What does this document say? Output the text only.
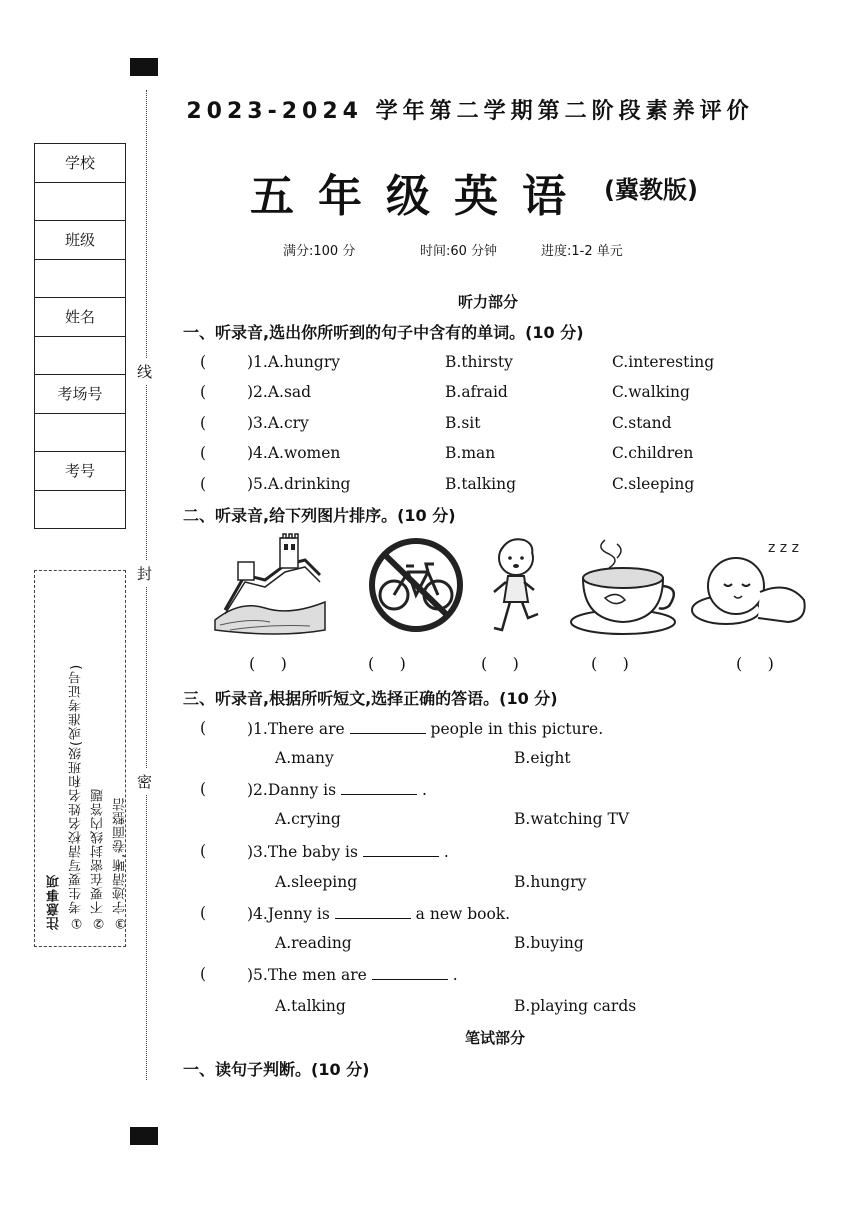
线
封
密
学校

班级

姓名

考场号

考号

注意事项 ①考生要写清校名姓名和班级(或准考证号) ②不要在密封线内答题 ③字迹清晰,卷面整洁
2023-2024 学年第二学期第二阶段素养评价
五年级英语 (冀教版)
满分:100 分	时间:60 分钟	进度:1-2 单元
听力部分
一、听录音,选出你所听到的句子中含有的单词。(10 分)
(	)1.A.hungry	B.thirsty	C.interesting
(	)2.A.sad	B.afraid	C.walking
(	)3.A.cry	B.sit	C.stand
(	)4.A.women	B.man	C.children
(	)5.A.drinking	B.talking	C.sleeping
二、听录音,给下列图片排序。(10 分)
z z z
(     )	(     )	(     )	(     )	(     )
三、听录音,根据所听短文,选择正确的答语。(10 分)
(	)1.There are	people in this picture.
A.many	B.eight
(	)2.Danny is	.
A.crying	B.watching TV
(	)3.The baby is	.
A.sleeping	B.hungry
(	)4.Jenny is	a new book.
A.reading	B.buying
(	)5.The men are	.
A.talking	B.playing cards
笔试部分
一、读句子判断。(10 分)
